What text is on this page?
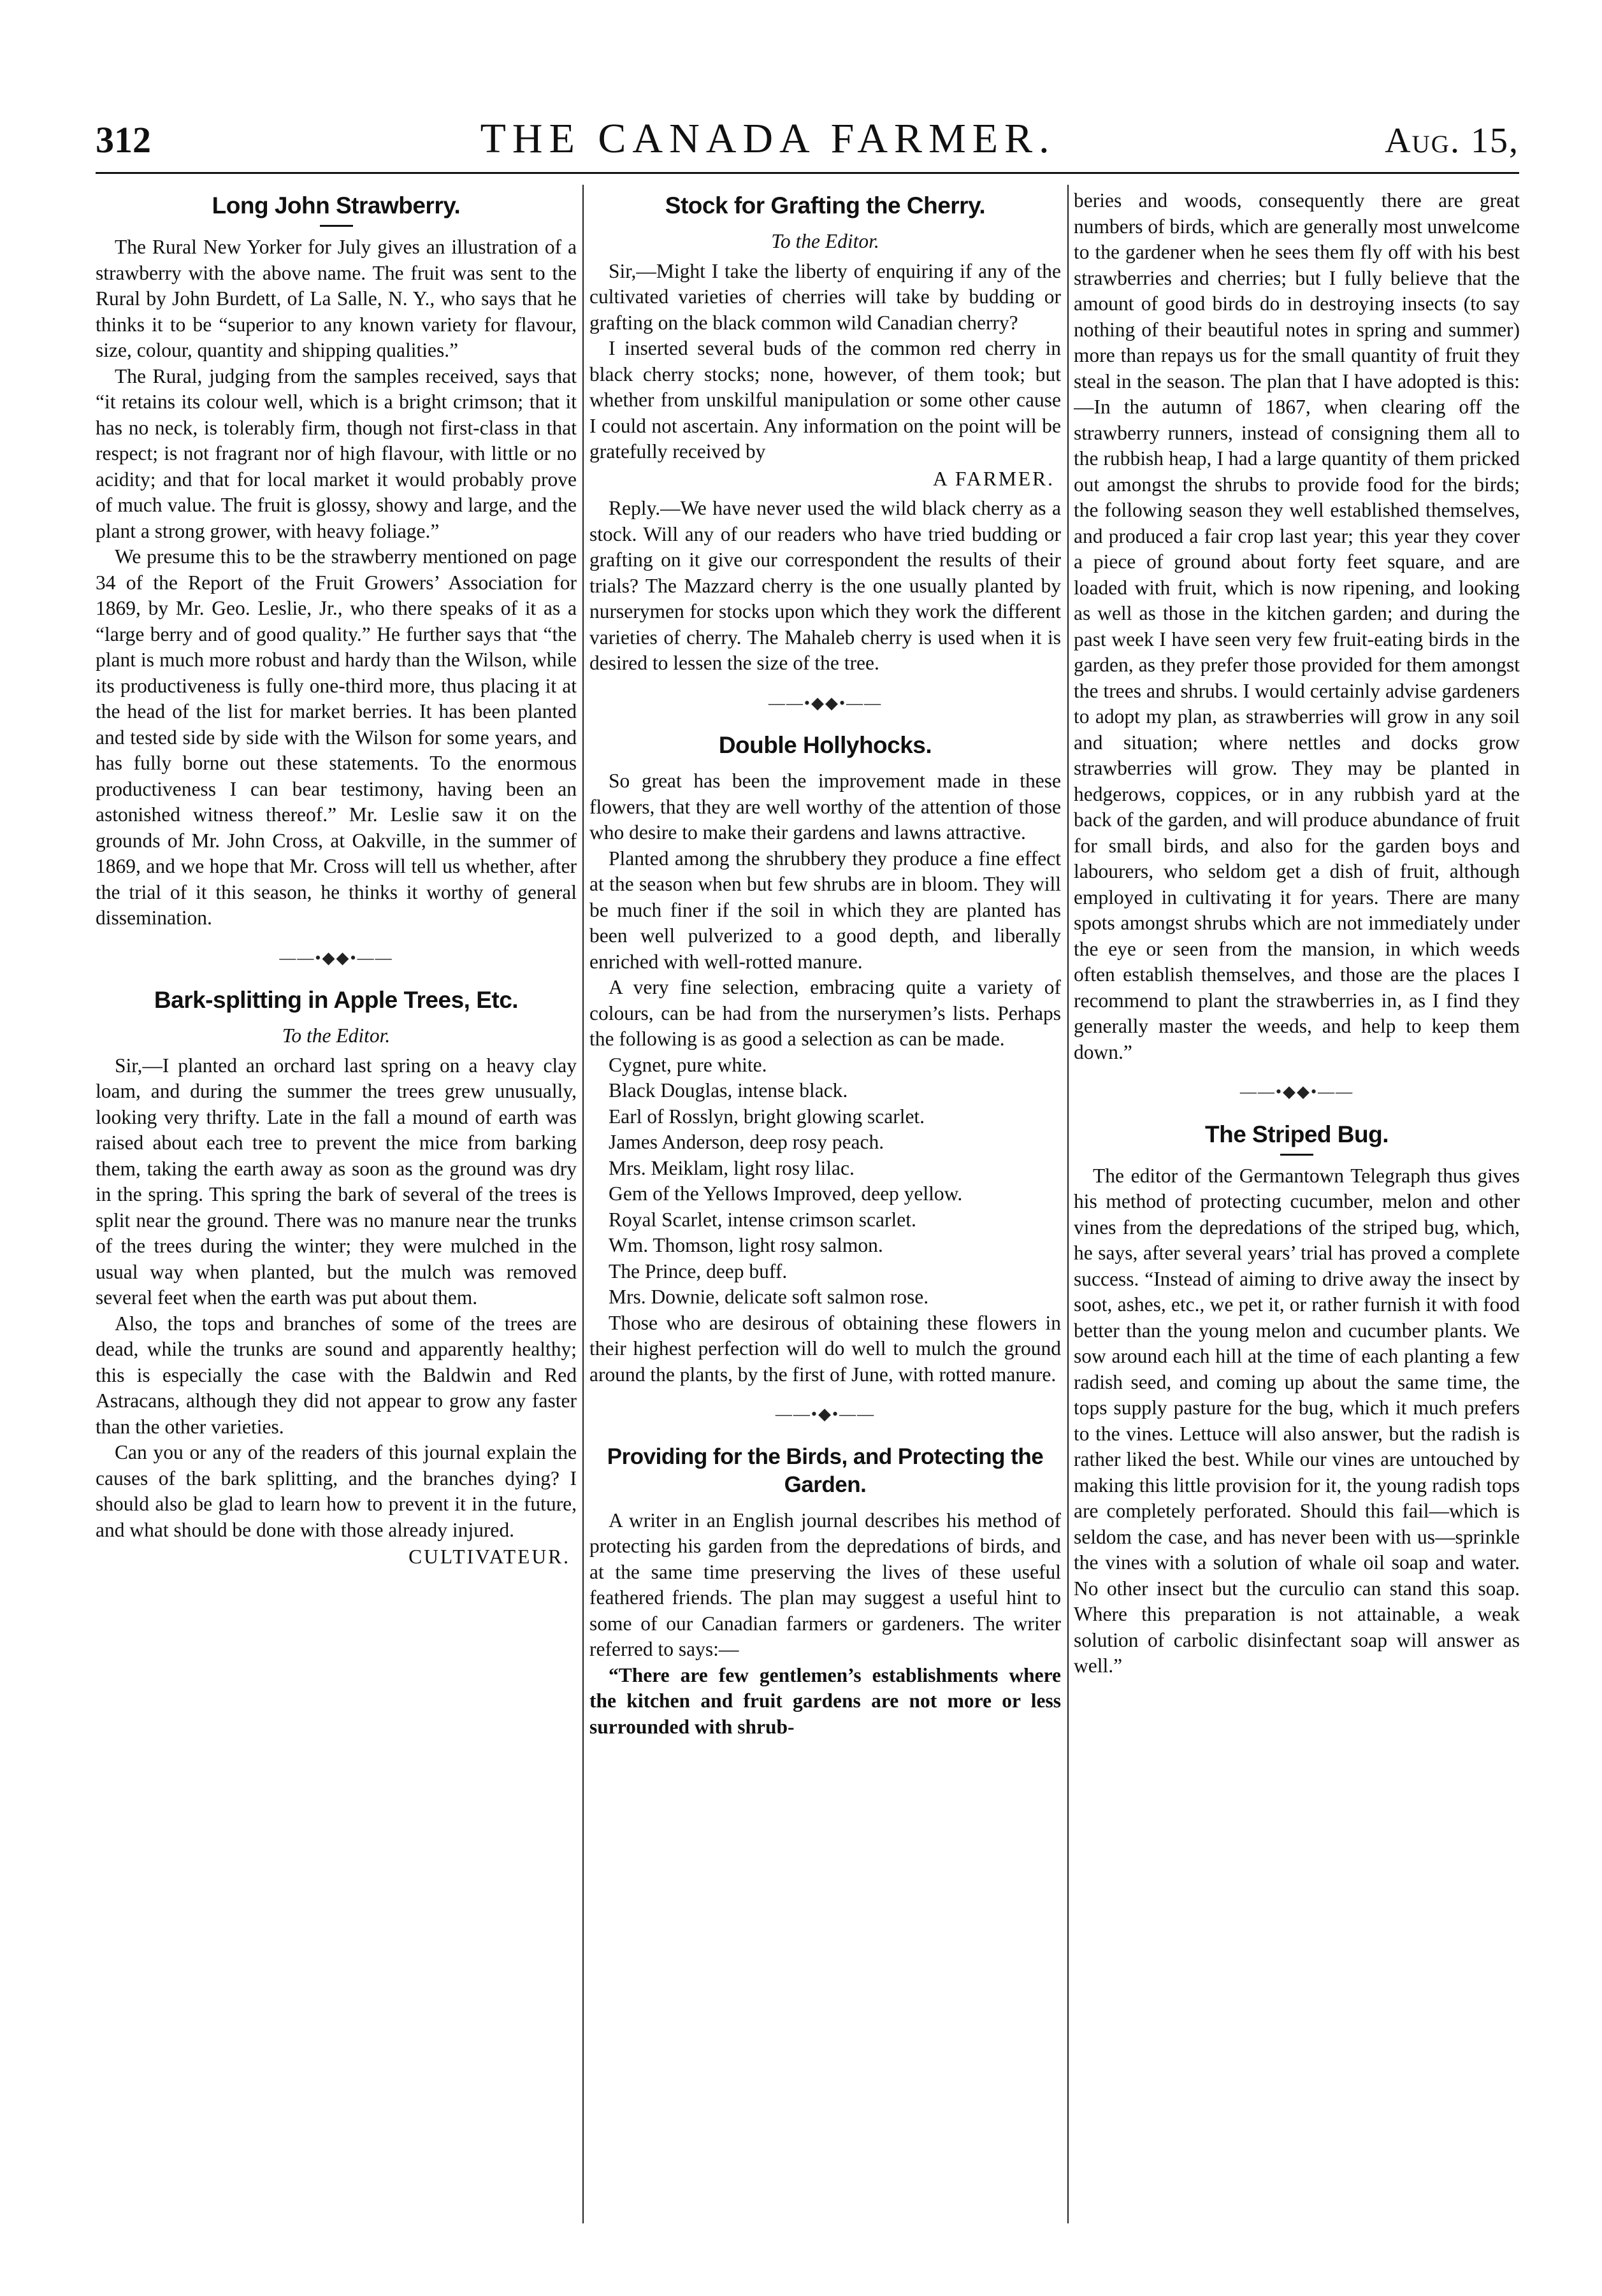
312	THE CANADA FARMER.	Aug. 15,
Long John Strawberry.

The Rural New Yorker for July gives an illustration of a strawberry with the above name. The fruit was sent to the Rural by John Burdett, of La Salle, N. Y., who says that he thinks it to be “superior to any known variety for flavour, size, colour, quantity and shipping qualities.”

The Rural, judging from the samples received, says that “it retains its colour well, which is a bright crimson; that it has no neck, is tolerably firm, though not first-class in that respect; is not fragrant nor of high flavour, with little or no acidity; and that for local market it would probably prove of much value. The fruit is glossy, showy and large, and the plant a strong grower, with heavy foliage.”

We presume this to be the strawberry mentioned on page 34 of the Report of the Fruit Growers’ Association for 1869, by Mr. Geo. Leslie, Jr., who there speaks of it as a “large berry and of good quality.” He further says that “the plant is much more robust and hardy than the Wilson, while its productiveness is fully one-third more, thus placing it at the head of the list for market berries. It has been planted and tested side by side with the Wilson for some years, and has fully borne out these statements. To the enormous productiveness I can bear testimony, having been an astonished witness thereof.” Mr. Leslie saw it on the grounds of Mr. John Cross, at Oakville, in the summer of 1869, and we hope that Mr. Cross will tell us whether, after the trial of it this season, he thinks it worthy of general dissemination.

——•◆◆•——
Bark-splitting in Apple Trees, Etc.
To the Editor.

Sir,—I planted an orchard last spring on a heavy clay loam, and during the summer the trees grew unusually, looking very thrifty. Late in the fall a mound of earth was raised about each tree to prevent the mice from barking them, taking the earth away as soon as the ground was dry in the spring. This spring the bark of several of the trees is split near the ground. There was no manure near the trunks of the trees during the winter; they were mulched in the usual way when planted, but the mulch was removed several feet when the earth was put about them.

Also, the tops and branches of some of the trees are dead, while the trunks are sound and apparently healthy; this is especially the case with the Baldwin and Red Astracans, although they did not appear to grow any faster than the other varieties.

Can you or any of the readers of this journal explain the causes of the bark splitting, and the branches dying? I should also be glad to learn how to prevent it in the future, and what should be done with those already injured.

CULTIVATEUR.
Stock for Grafting the Cherry.
To the Editor.

Sir,—Might I take the liberty of enquiring if any of the cultivated varieties of cherries will take by budding or grafting on the black common wild Canadian cherry?

I inserted several buds of the common red cherry in black cherry stocks; none, however, of them took; but whether from unskilful manipulation or some other cause I could not ascertain. Any information on the point will be gratefully received by

A FARMER.

Reply.—We have never used the wild black cherry as a stock. Will any of our readers who have tried budding or grafting on it give our correspondent the results of their trials? The Mazzard cherry is the one usually planted by nurserymen for stocks upon which they work the different varieties of cherry. The Mahaleb cherry is used when it is desired to lessen the size of the tree.

——•◆◆•——
Double Hollyhocks.

So great has been the improvement made in these flowers, that they are well worthy of the attention of those who desire to make their gardens and lawns attractive.

Planted among the shrubbery they produce a fine effect at the season when but few shrubs are in bloom. They will be much finer if the soil in which they are planted has been well pulverized to a good depth, and liberally enriched with well-rotted manure.

A very fine selection, embracing quite a variety of colours, can be had from the nurserymen’s lists. Perhaps the following is as good a selection as can be made.

Cygnet, pure white.
Black Douglas, intense black.
Earl of Rosslyn, bright glowing scarlet.
James Anderson, deep rosy peach.
Mrs. Meiklam, light rosy lilac.
Gem of the Yellows Improved, deep yellow.
Royal Scarlet, intense crimson scarlet.
Wm. Thomson, light rosy salmon.
The Prince, deep buff.
Mrs. Downie, delicate soft salmon rose.

Those who are desirous of obtaining these flowers in their highest perfection will do well to mulch the ground around the plants, by the first of June, with rotted manure.

——•◆•——
Providing for the Birds, and Protecting the Garden.

A writer in an English journal describes his method of protecting his garden from the depredations of birds, and at the same time preserving the lives of these useful feathered friends. The plan may suggest a useful hint to some of our Canadian farmers or gardeners. The writer referred to says:—

“There are few gentlemen’s establishments where the kitchen and fruit gardens are not more or less surrounded with shrub-

beries and woods, consequently there are great numbers of birds, which are generally most unwelcome to the gardener when he sees them fly off with his best strawberries and cherries; but I fully believe that the amount of good birds do in destroying insects (to say nothing of their beautiful notes in spring and summer) more than repays us for the small quantity of fruit they steal in the season. The plan that I have adopted is this:—In the autumn of 1867, when clearing off the strawberry runners, instead of consigning them all to the rubbish heap, I had a large quantity of them pricked out amongst the shrubs to provide food for the birds; the following season they well established themselves, and produced a fair crop last year; this year they cover a piece of ground about forty feet square, and are loaded with fruit, which is now ripening, and looking as well as those in the kitchen garden; and during the past week I have seen very few fruit-eating birds in the garden, as they prefer those provided for them amongst the trees and shrubs. I would certainly advise gardeners to adopt my plan, as strawberries will grow in any soil and situation; where nettles and docks grow strawberries will grow. They may be planted in hedgerows, coppices, or in any rubbish yard at the back of the garden, and will produce abundance of fruit for small birds, and also for the garden boys and labourers, who seldom get a dish of fruit, although employed in cultivating it for years. There are many spots amongst shrubs which are not immediately under the eye or seen from the mansion, in which weeds often establish themselves, and those are the places I recommend to plant the strawberries in, as I find they generally master the weeds, and help to keep them down.”

——•◆◆•——
The Striped Bug.

The editor of the Germantown Telegraph thus gives his method of protecting cucumber, melon and other vines from the depredations of the striped bug, which, he says, after several years’ trial has proved a complete success. “Instead of aiming to drive away the insect by soot, ashes, etc., we pet it, or rather furnish it with food better than the young melon and cucumber plants. We sow around each hill at the time of each planting a few radish seed, and coming up about the same time, the tops supply pasture for the bug, which it much prefers to the vines. Lettuce will also answer, but the radish is rather liked the best. While our vines are untouched by making this little provision for it, the young radish tops are completely perforated. Should this fail—which is seldom the case, and has never been with us—sprinkle the vines with a solution of whale oil soap and water. No other insect but the curculio can stand this soap. Where this preparation is not attainable, a weak solution of carbolic disinfectant soap will answer as well.”
